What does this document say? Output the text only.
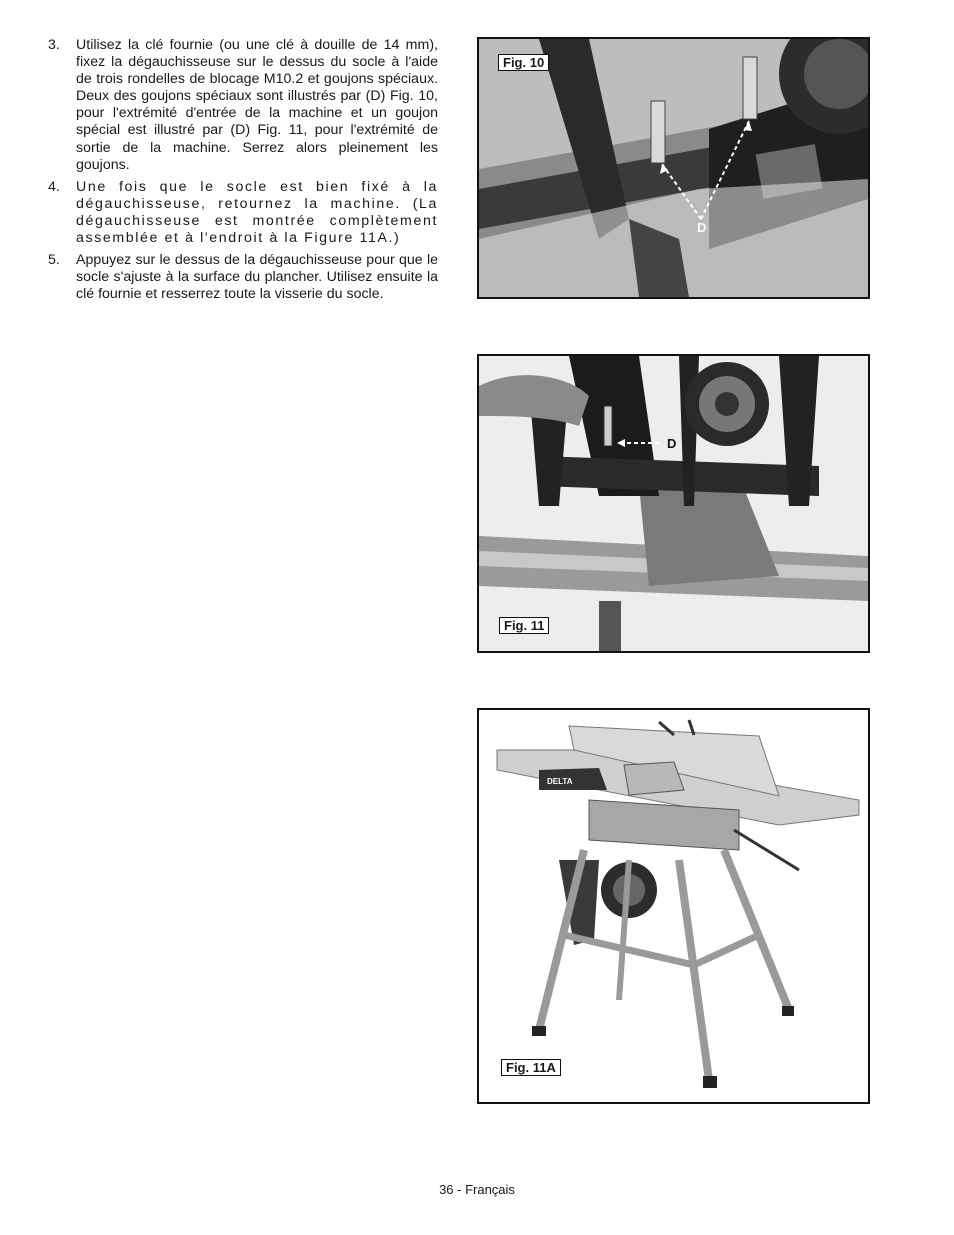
3. Utilisez la clé fournie (ou une clé à douille de 14 mm), fixez la dégauchisseuse sur le dessus du socle à l'aide de trois rondelles de blocage M10.2 et goujons spéciaux. Deux des goujons spéciaux sont illustrés par (D) Fig. 10, pour l'extrémité d'entrée de la machine et un goujon spécial est illustré par (D) Fig. 11, pour l'extrémité de sortie de la machine. Serrez alors pleinement les goujons.
4. Une fois que le socle est bien fixé à la dégauchisseuse, retournez la machine. (La dégauchisseuse est montrée complètement assemblée et à l'endroit à la Figure 11A.)
5. Appuyez sur le dessus de la dégauchisseuse pour que le socle s'ajuste à la surface du plancher. Utilisez ensuite la clé fournie et resserrez toute la visserie du socle.
Fig. 10
D
Fig. 11
D
DELTA
Fig. 11A
36 - Français
